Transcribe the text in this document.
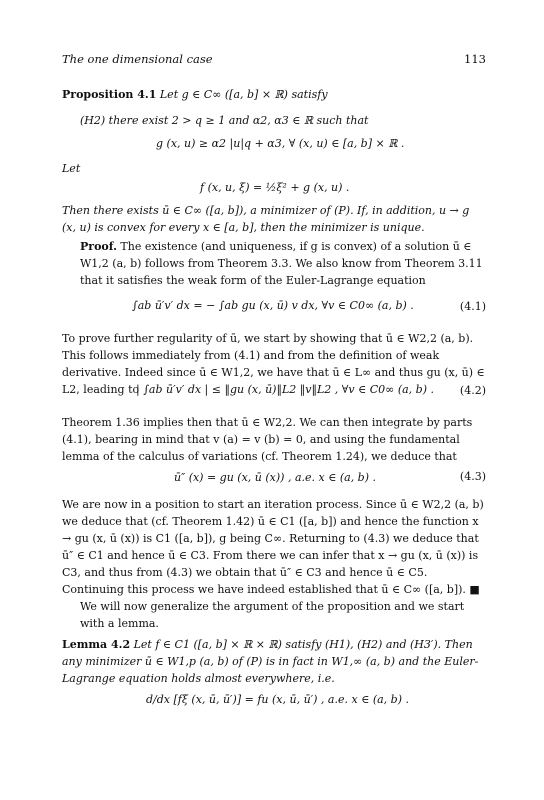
The one dimensional case	113
Proposition 4.1 Let g ∈ C∞ ([a, b] × ℝ) satisfy
(H2) there exist 2 > q ≥ 1 and α2, α3 ∈ ℝ such that
g (x, u) ≥ α2 |u|q + α3, ∀ (x, u) ∈ [a, b] × ℝ .
Let
f (x, u, ξ) = ½ξ² + g (x, u) .
Then there exists ū ∈ C∞ ([a, b]), a minimizer of (P). If, in addition, u → g (x, u) is convex for every x ∈ [a, b], then the minimizer is unique.
Proof. The existence (and uniqueness, if g is convex) of a solution ū ∈ W1,2 (a, b) follows from Theorem 3.3. We also know from Theorem 3.11 that it satisfies the weak form of the Euler-Lagrange equation
∫ab ū′v′ dx = − ∫ab gu (x, ū) v dx, ∀v ∈ C0∞ (a, b) .	(4.1)
To prove further regularity of ū, we start by showing that ū ∈ W2,2 (a, b). This follows immediately from (4.1) and from the definition of weak derivative. Indeed since ū ∈ W1,2, we have that ū ∈ L∞ and thus gu (x, ū) ∈ L2, leading to
| ∫ab ū′v′ dx | ≤ ‖gu (x, ū)‖L2 ‖v‖L2 , ∀v ∈ C0∞ (a, b) . (4.2)
Theorem 1.36 implies then that ū ∈ W2,2. We can then integrate by parts (4.1), bearing in mind that v (a) = v (b) = 0, and using the fundamental lemma of the calculus of variations (cf. Theorem 1.24), we deduce that
ū″ (x) = gu (x, ū (x)) , a.e. x ∈ (a, b) .	(4.3)
We are now in a position to start an iteration process. Since ū ∈ W2,2 (a, b) we deduce that (cf. Theorem 1.42) ū ∈ C1 ([a, b]) and hence the function x → gu (x, ū (x)) is C1 ([a, b]), g being C∞. Returning to (4.3) we deduce that ū″ ∈ C1 and hence ū ∈ C3. From there we can infer that x → gu (x, ū (x)) is C3, and thus from (4.3) we obtain that ū″ ∈ C3 and hence ū ∈ C5. Continuing this process we have indeed established that ū ∈ C∞ ([a, b]). ■
We will now generalize the argument of the proposition and we start with a lemma.
Lemma 4.2 Let f ∈ C1 ([a, b] × ℝ × ℝ) satisfy (H1), (H2) and (H3′). Then any minimizer ū ∈ W1,p (a, b) of (P) is in fact in W1,∞ (a, b) and the Euler-Lagrange equation holds almost everywhere, i.e.
d/dx [fξ (x, ū, ū′)] = fu (x, ū, ū′) , a.e. x ∈ (a, b) .
